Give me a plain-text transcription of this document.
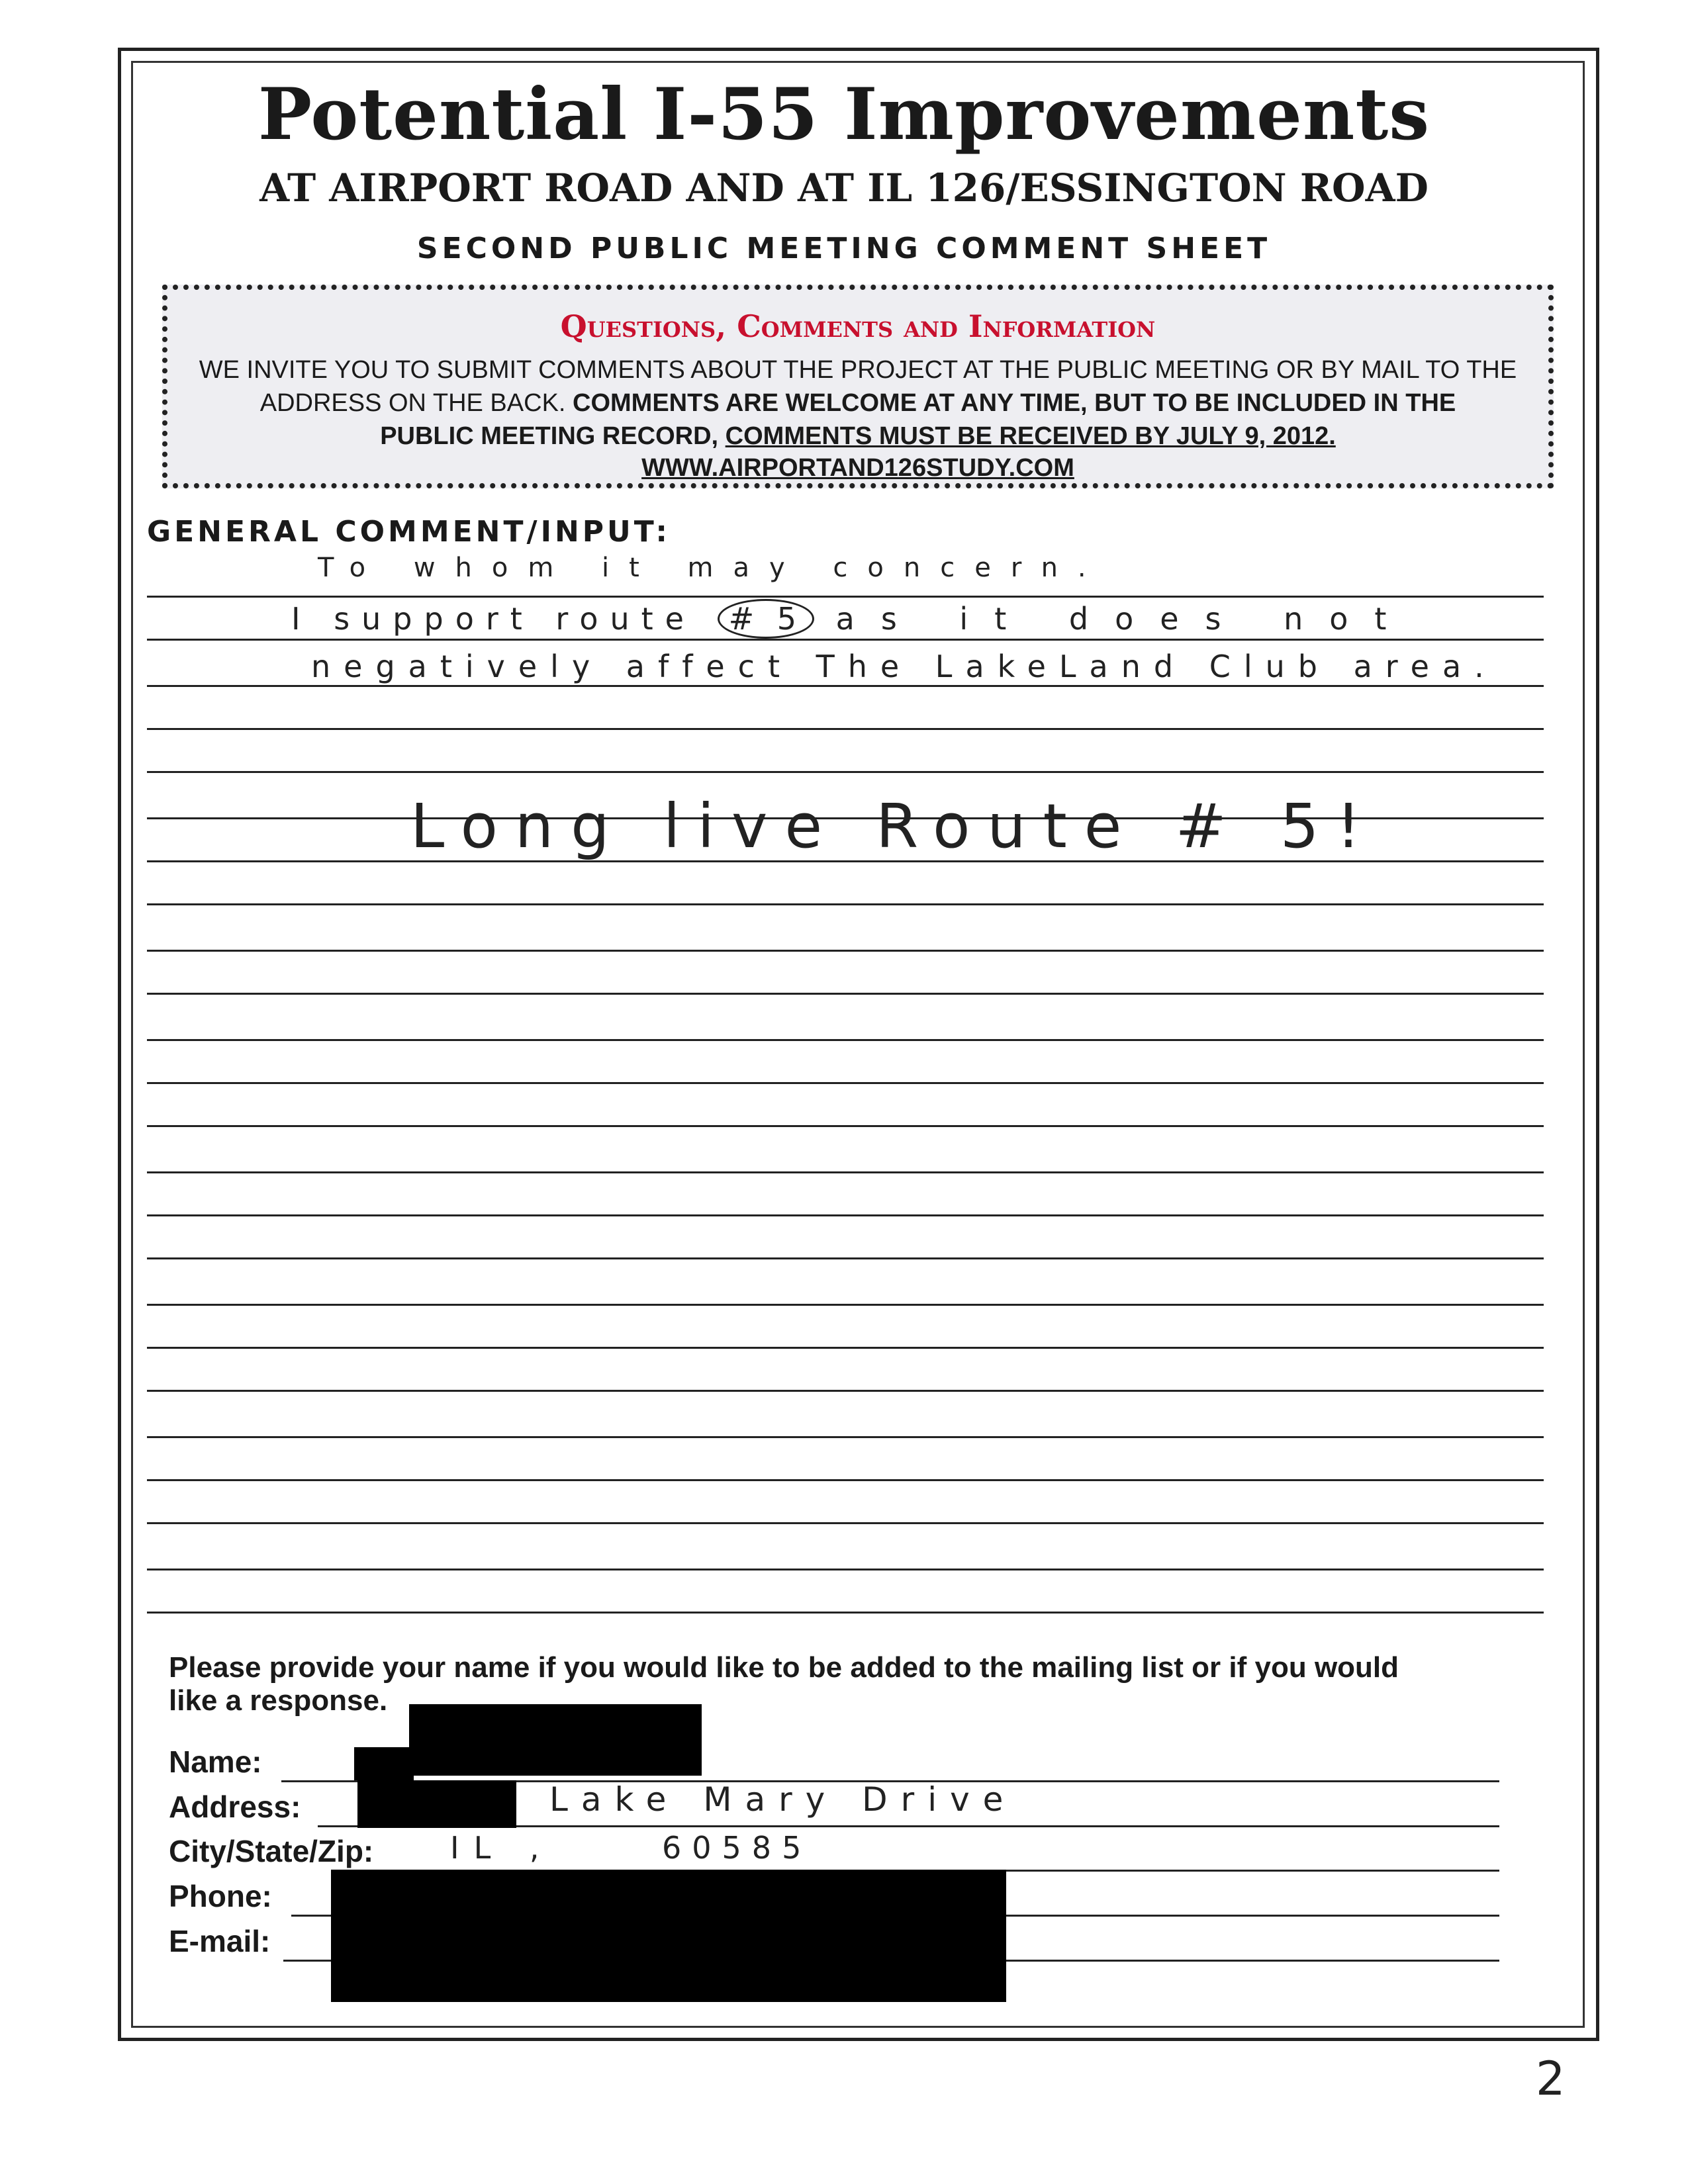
Potential I-55 Improvements
AT AIRPORT ROAD AND AT IL 126/ESSINGTON ROAD
SECOND PUBLIC MEETING COMMENT SHEET
Questions, Comments and Information
WE INVITE YOU TO SUBMIT COMMENTS ABOUT THE PROJECT AT THE PUBLIC MEETING OR BY MAIL TO THE
ADDRESS ON THE BACK. COMMENTS ARE WELCOME AT ANY TIME, BUT TO BE INCLUDED IN THE
PUBLIC MEETING RECORD, COMMENTS MUST BE RECEIVED BY JULY 9, 2012.
WWW.AIRPORTAND126STUDY.COM
GENERAL COMMENT/INPUT:
To whom it may concern.
I support route # 5 as it does not
negatively affect The LakeLand Club area.
Long live Route # 5!
Please provide your name if you would like to be added to the mailing list or if you would
like a response.
Name:
Address:	Lake Mary Drive
City/State/Zip:	IL ,	60585
Phone:
E-mail:
2
